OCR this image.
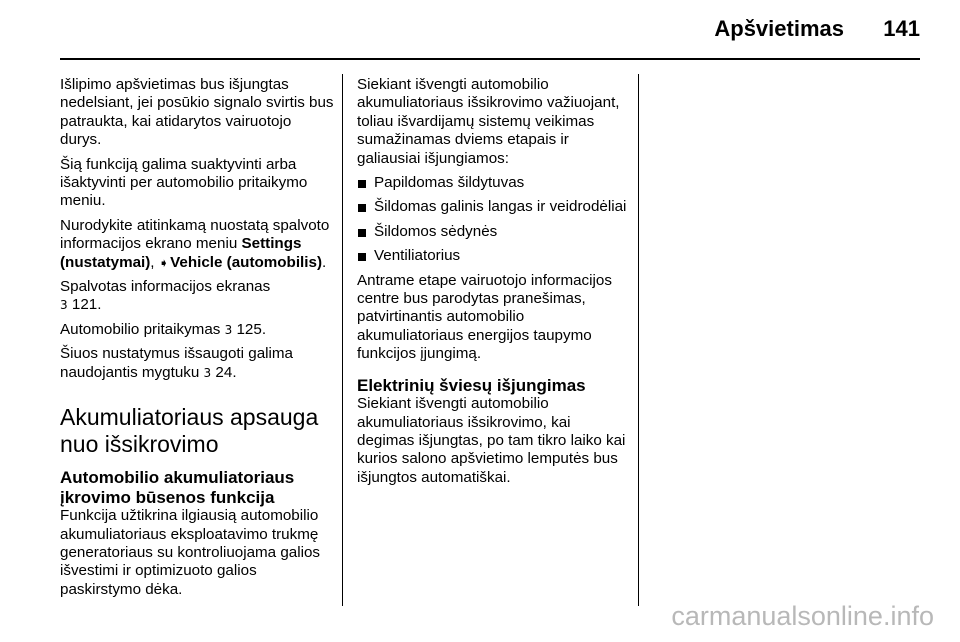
Apšvietimas 141

Išlipimo apšvietimas bus išjungtas nedelsiant, jei posūkio signalo svirtis bus patraukta, kai atidarytos vairuotojo durys.

Šią funkciją galima suaktyvinti arba išaktyvinti per automobilio pritaikymo meniu.

Nurodykite atitinkamą nuostatą spalvoto informacijos ekrano meniu Settings (nustatymai), ➧ Vehicle (automobilis).

Spalvotas informacijos ekranas
3 121.

Automobilio pritaikymas 3 125.

Šiuos nustatymus išsaugoti galima naudojantis mygtuku 3 24.

Akumuliatoriaus apsauga nuo išsikrovimo
Automobilio akumuliatoriaus įkrovimo būsenos funkcija

Funkcija užtikrina ilgiausią automobilio akumuliatoriaus eksploatavimo trukmę generatoriaus su kontroliuojama galios išvestimi ir optimizuoto galios paskirstymo dėka.

Siekiant išvengti automobilio akumuliatoriaus išsikrovimo važiuojant, toliau išvardijamų sistemų veikimas sumažinamas dviems etapais ir galiausiai išjungiamos:

Papildomas šildytuvas
Šildomas galinis langas ir veidrodėliai
Šildomos sėdynės
Ventiliatorius

Antrame etape vairuotojo informacijos centre bus parodytas pranešimas, patvirtinantis automobilio akumuliatoriaus energijos taupymo funkcijos įjungimą.

Elektrinių šviesų išjungimas

Siekiant išvengti automobilio akumuliatoriaus išsikrovimo, kai degimas išjungtas, po tam tikro laiko kai kurios salono apšvietimo lemputės bus išjungtos automatiškai.

carmanualsonline.info
